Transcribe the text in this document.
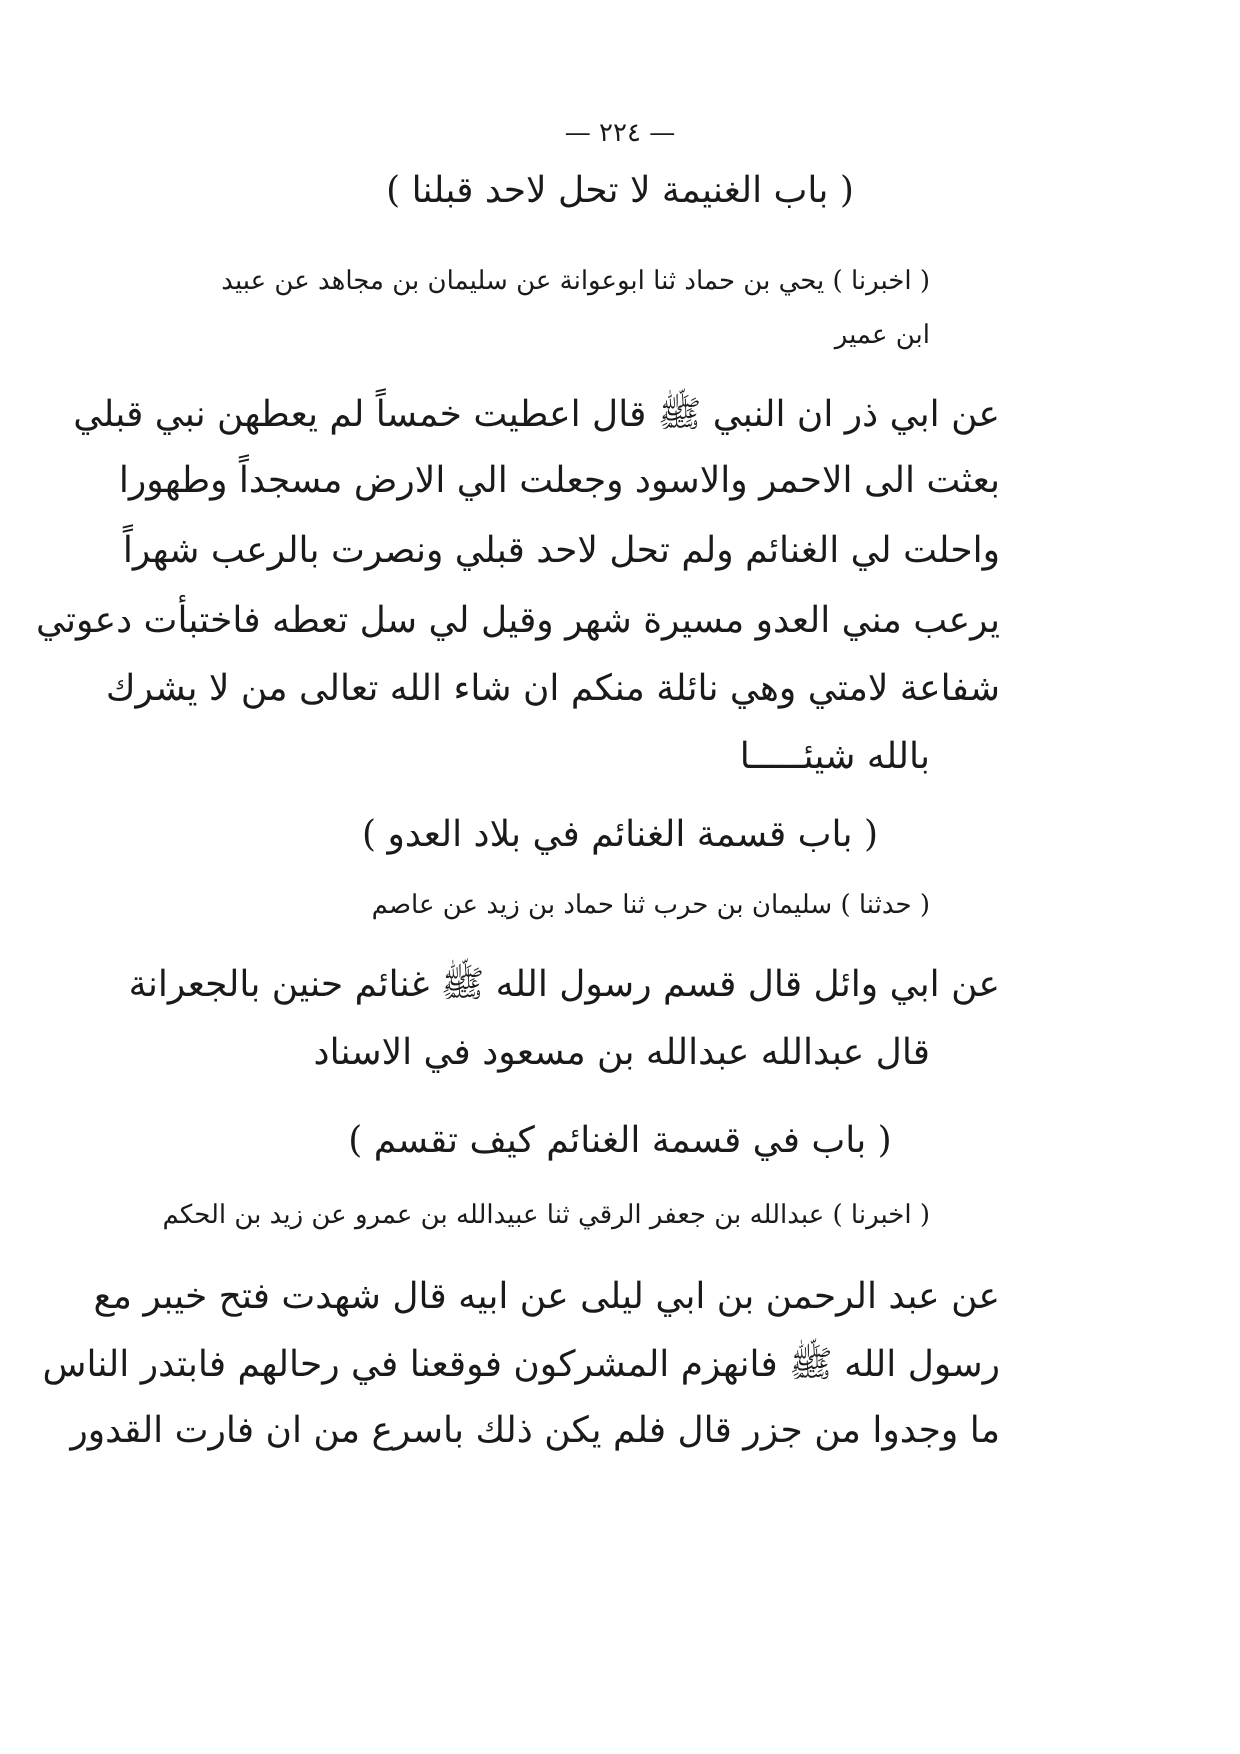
— ٢٢٤ —
( باب الغنيمة لا تحل لاحد قبلنا )
( اخبرنا ) يحي بن حماد ثنا ابوعوانة عن سليمان بن مجاهد عن عبيد
ابن عمير
عن ابي ذر ان النبي ﷺ قال اعطيت خمساً لم يعطهن نبي قبلي
بعثت الى الاحمر والاسود وجعلت الي الارض مسجداً وطهورا
واحلت لي الغنائم ولم تحل لاحد قبلي ونصرت بالرعب شهراً
يرعب مني العدو مسيرة شهر وقيل لي سل تعطه فاختبأت دعوتي
شفاعة لامتي وهي نائلة منكم ان شاء الله تعالى من لا يشرك
بالله شيئـــــا
( باب قسمة الغنائم في بلاد العدو )
( حدثنا ) سليمان بن حرب ثنا حماد بن زيد عن عاصم
عن ابي وائل قال قسم رسول الله ﷺ غنائم حنين بالجعرانة
قال عبدالله عبدالله بن مسعود في الاسناد
( باب في قسمة الغنائم كيف تقسم )
( اخبرنا ) عبدالله بن جعفر الرقي ثنا عبيدالله بن عمرو عن زيد بن الحكم
عن عبد الرحمن بن ابي ليلى عن ابيه قال شهدت فتح خيبر مع
رسول الله ﷺ فانهزم المشركون فوقعنا في رحالهم فابتدر الناس
ما وجدوا من جزر قال فلم يكن ذلك باسرع من ان فارت القدور
